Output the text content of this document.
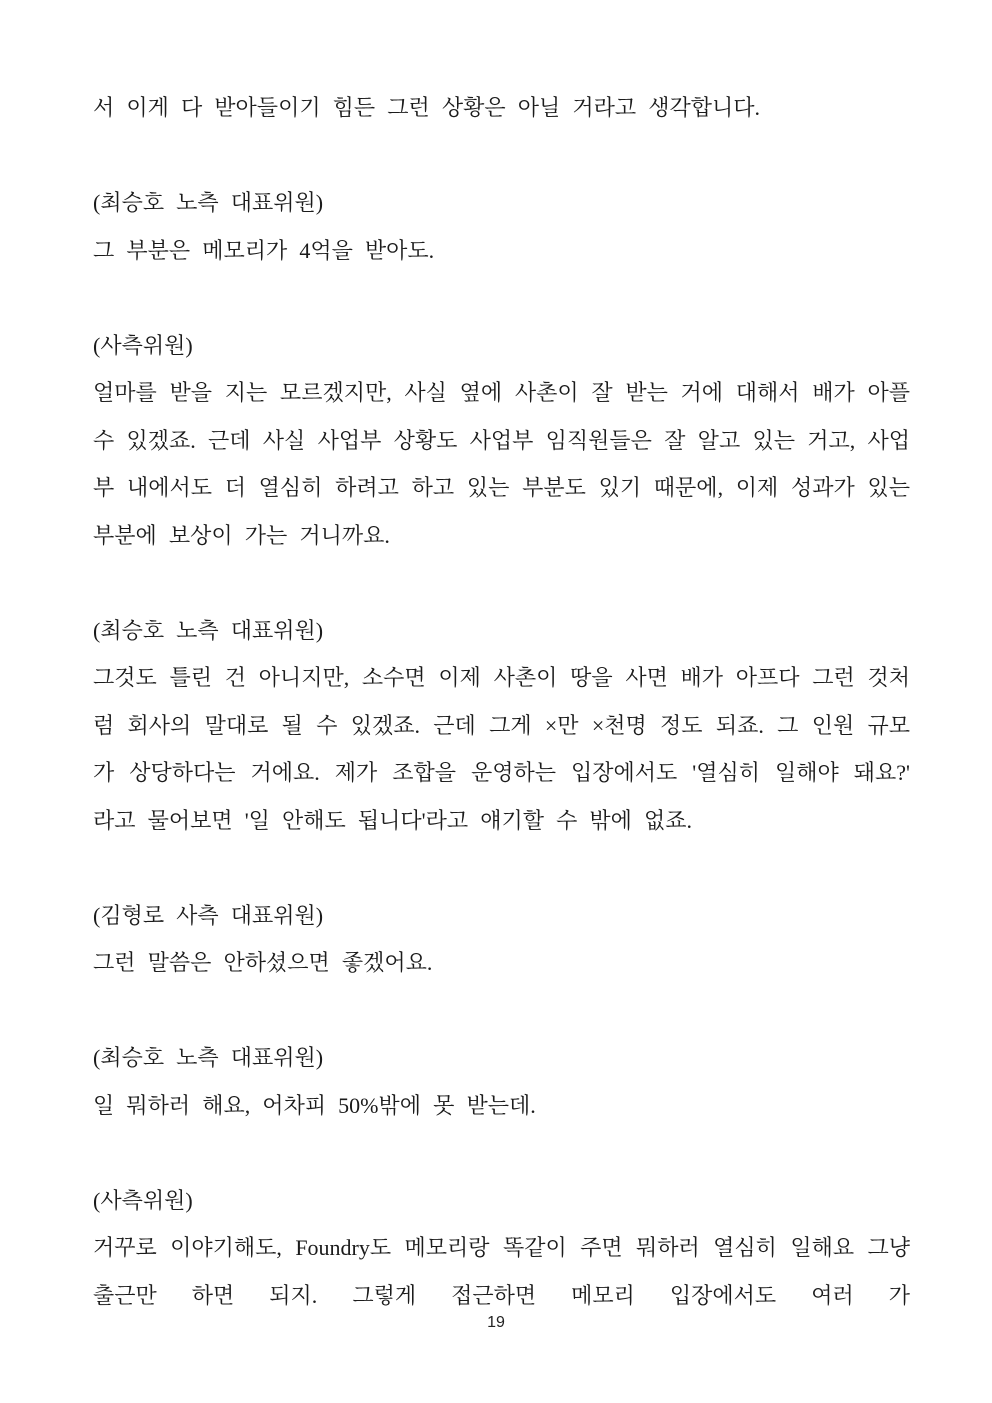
서 이게 다 받아들이기 힘든 그런 상황은 아닐 거라고 생각합니다.

(최승호 노측 대표위원)

그 부분은 메모리가 4억을 받아도.

(사측위원)

얼마를 받을 지는 모르겠지만, 사실 옆에 사촌이 잘 받는 거에 대해서 배가 아플 수 있겠죠. 근데 사실 사업부 상황도 사업부 임직원들은 잘 알고 있는 거고, 사업부 내에서도 더 열심히 하려고 하고 있는 부분도 있기 때문에, 이제 성과가 있는 부분에 보상이 가는 거니까요.

(최승호 노측 대표위원)

그것도 틀린 건 아니지만, 소수면 이제 사촌이 땅을 사면 배가 아프다 그런 것처럼 회사의 말대로 될 수 있겠죠. 근데 그게 ×만 ×천명 정도 되죠. 그 인원 규모가 상당하다는 거에요. 제가 조합을 운영하는 입장에서도 '열심히 일해야 돼요?' 라고 물어보면 '일 안해도 됩니다'라고 얘기할 수 밖에 없죠.

(김형로 사측 대표위원)

그런 말씀은 안하셨으면 좋겠어요.

(최승호 노측 대표위원)

일 뭐하러 해요, 어차피 50%밖에 못 받는데.

(사측위원)

거꾸로 이야기해도, Foundry도 메모리랑 똑같이 주면 뭐하러 열심히 일해요 그냥 출근만 하면 되지. 그렇게 접근하면 메모리 입장에서도 여러 가

19
